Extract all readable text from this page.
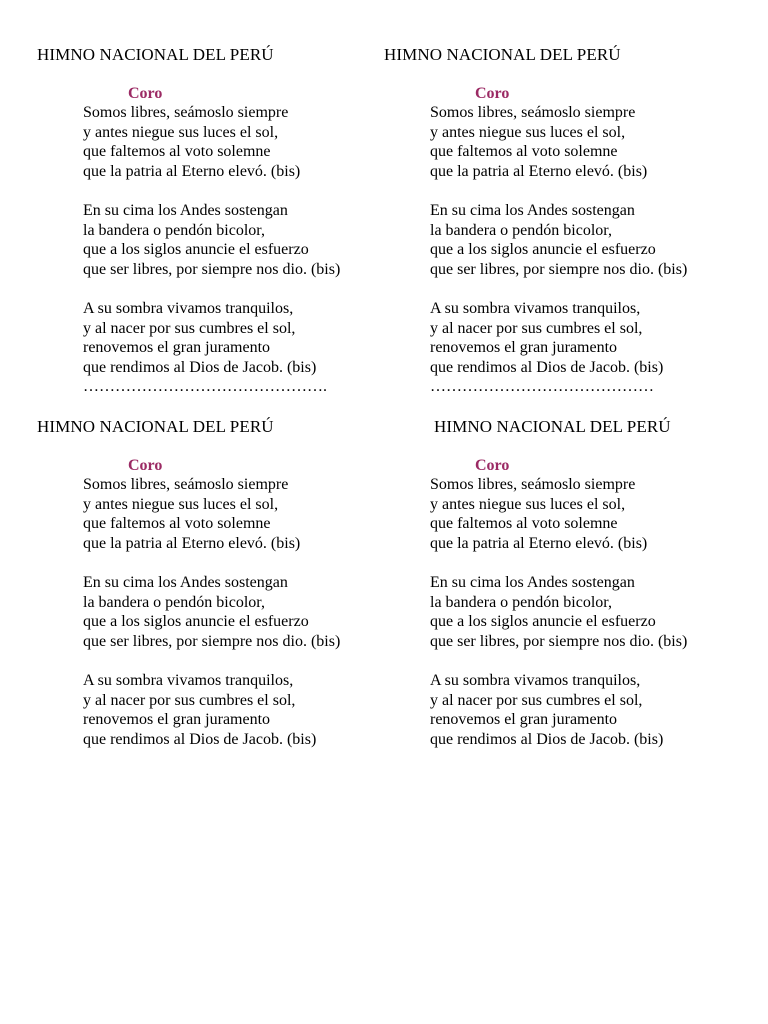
HIMNO NACIONAL DEL PERÚ
Coro
Somos libres, seámoslo siempre
y antes niegue sus luces el sol,
que faltemos al voto solemne
que la patria al Eterno elevó. (bis)
En su cima los Andes sostengan
la bandera o pendón bicolor,
que a los siglos anuncie el esfuerzo
que ser libres, por siempre nos dio. (bis)
A su sombra vivamos tranquilos,
y al nacer por sus cumbres el sol,
renovemos el gran juramento
que rendimos al Dios de Jacob. (bis)
……………………………………….
HIMNO NACIONAL DEL PERÚ
Coro
Somos libres, seámoslo siempre
y antes niegue sus luces el sol,
que faltemos al voto solemne
que la patria al Eterno elevó. (bis)
En su cima los Andes sostengan
la bandera o pendón bicolor,
que a los siglos anuncie el esfuerzo
que ser libres, por siempre nos dio. (bis)
A su sombra vivamos tranquilos,
y al nacer por sus cumbres el sol,
renovemos el gran juramento
que rendimos al Dios de Jacob. (bis)
……………………………………
HIMNO NACIONAL DEL PERÚ
Coro
Somos libres, seámoslo siempre
y antes niegue sus luces el sol,
que faltemos al voto solemne
que la patria al Eterno elevó. (bis)
En su cima los Andes sostengan
la bandera o pendón bicolor,
que a los siglos anuncie el esfuerzo
que ser libres, por siempre nos dio. (bis)
A su sombra vivamos tranquilos,
y al nacer por sus cumbres el sol,
renovemos el gran juramento
que rendimos al Dios de Jacob. (bis)
HIMNO NACIONAL DEL PERÚ
Coro
Somos libres, seámoslo siempre
y antes niegue sus luces el sol,
que faltemos al voto solemne
que la patria al Eterno elevó. (bis)
En su cima los Andes sostengan
la bandera o pendón bicolor,
que a los siglos anuncie el esfuerzo
que ser libres, por siempre nos dio. (bis)
A su sombra vivamos tranquilos,
y al nacer por sus cumbres el sol,
renovemos el gran juramento
que rendimos al Dios de Jacob. (bis)
